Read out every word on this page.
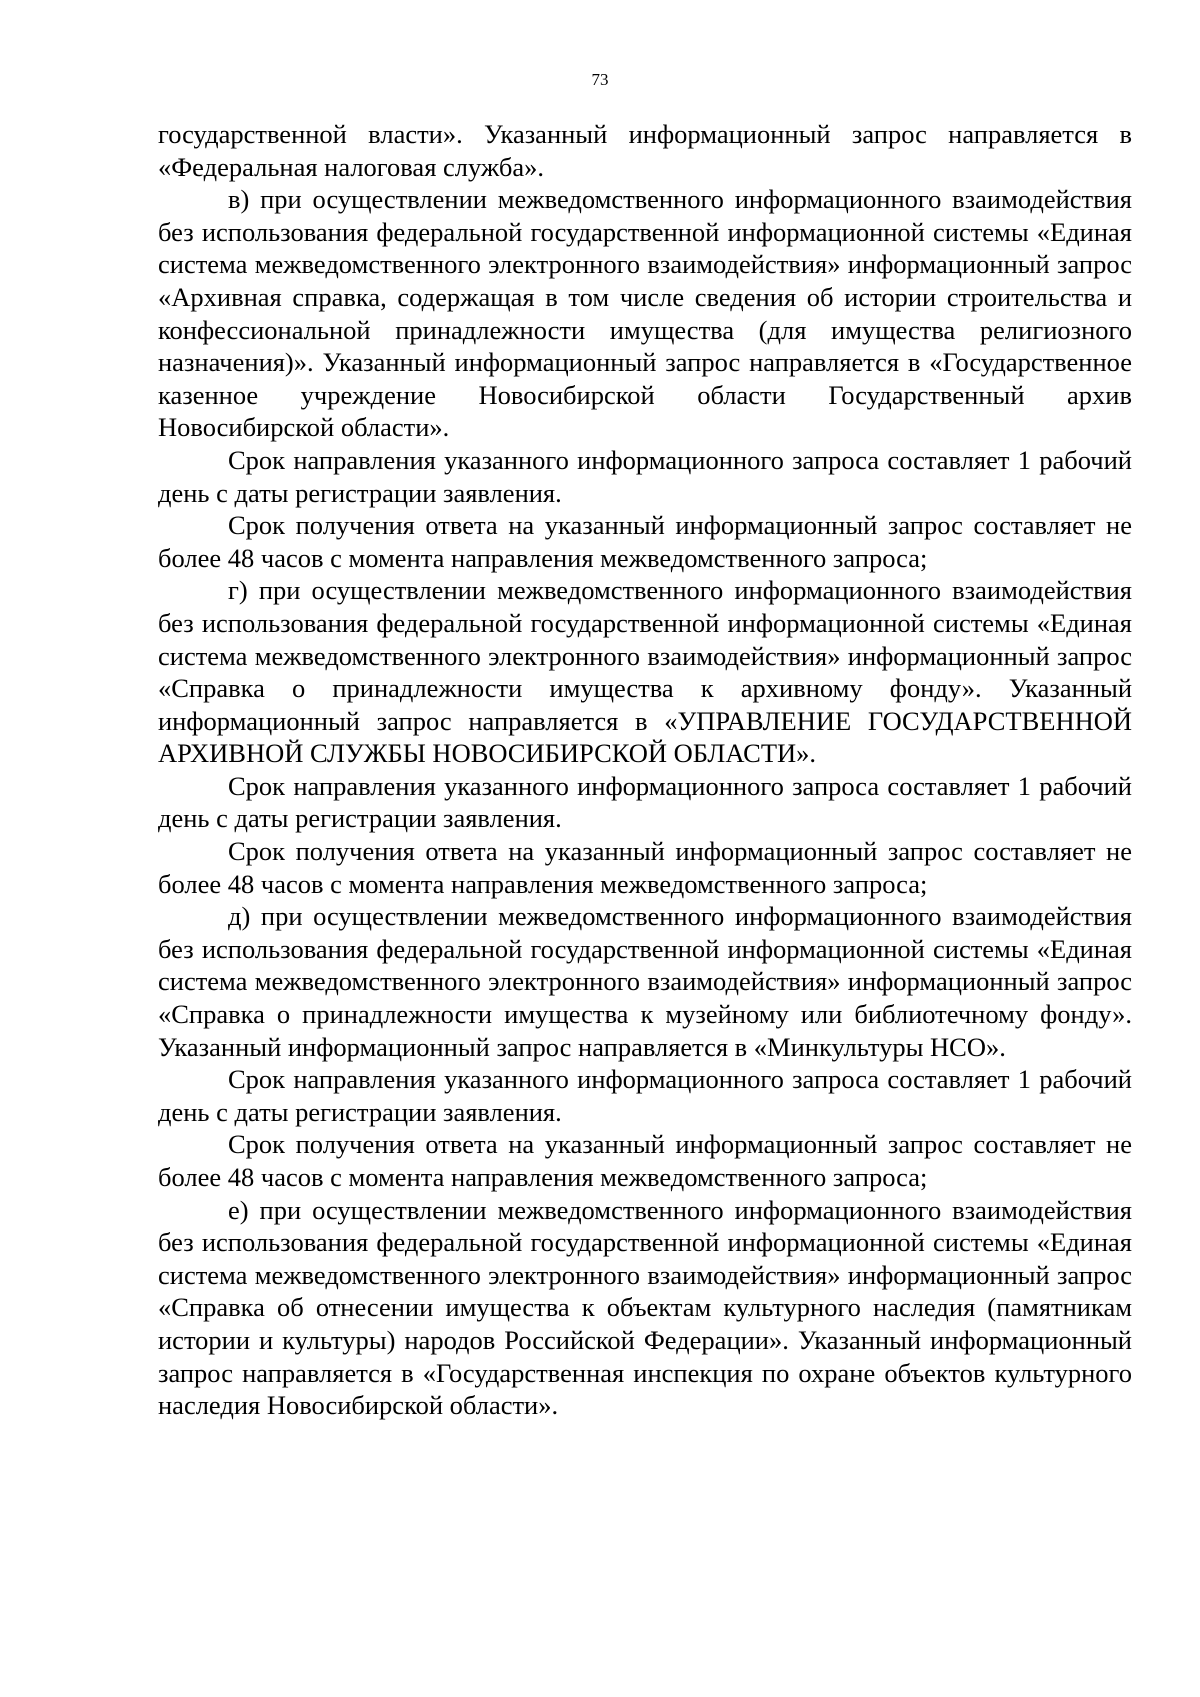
73

государственной власти». Указанный информационный запрос направляется в «Федеральная налоговая служба».

в) при осуществлении межведомственного информационного взаимодействия без использования федеральной государственной информационной системы «Единая система межведомственного электронного взаимодействия» информационный запрос «Архивная справка, содержащая в том числе сведения об истории строительства и конфессиональной принадлежности имущества (для имущества религиозного назначения)». Указанный информационный запрос направляется в «Государственное казенное учреждение Новосибирской области Государственный архив Новосибирской области».

Срок направления указанного информационного запроса составляет 1 рабочий день с даты регистрации заявления.

Срок получения ответа на указанный информационный запрос составляет не более 48 часов с момента направления межведомственного запроса;

г) при осуществлении межведомственного информационного взаимодействия без использования федеральной государственной информационной системы «Единая система межведомственного электронного взаимодействия» информационный запрос «Справка о принадлежности имущества к архивному фонду». Указанный информационный запрос направляется в «УПРАВЛЕНИЕ ГОСУДАРСТВЕННОЙ АРХИВНОЙ СЛУЖБЫ НОВОСИБИРСКОЙ ОБЛАСТИ».

Срок направления указанного информационного запроса составляет 1 рабочий день с даты регистрации заявления.

Срок получения ответа на указанный информационный запрос составляет не более 48 часов с момента направления межведомственного запроса;

д) при осуществлении межведомственного информационного взаимодействия без использования федеральной государственной информационной системы «Единая система межведомственного электронного взаимодействия» информационный запрос «Справка о принадлежности имущества к музейному или библиотечному фонду». Указанный информационный запрос направляется в «Минкультуры НСО».

Срок направления указанного информационного запроса составляет 1 рабочий день с даты регистрации заявления.

Срок получения ответа на указанный информационный запрос составляет не более 48 часов с момента направления межведомственного запроса;

е) при осуществлении межведомственного информационного взаимодействия без использования федеральной государственной информационной системы «Единая система межведомственного электронного взаимодействия» информационный запрос «Справка об отнесении имущества к объектам культурного наследия (памятникам истории и культуры) народов Российской Федерации». Указанный информационный запрос направляется в «Государственная инспекция по охране объектов культурного наследия Новосибирской области».
